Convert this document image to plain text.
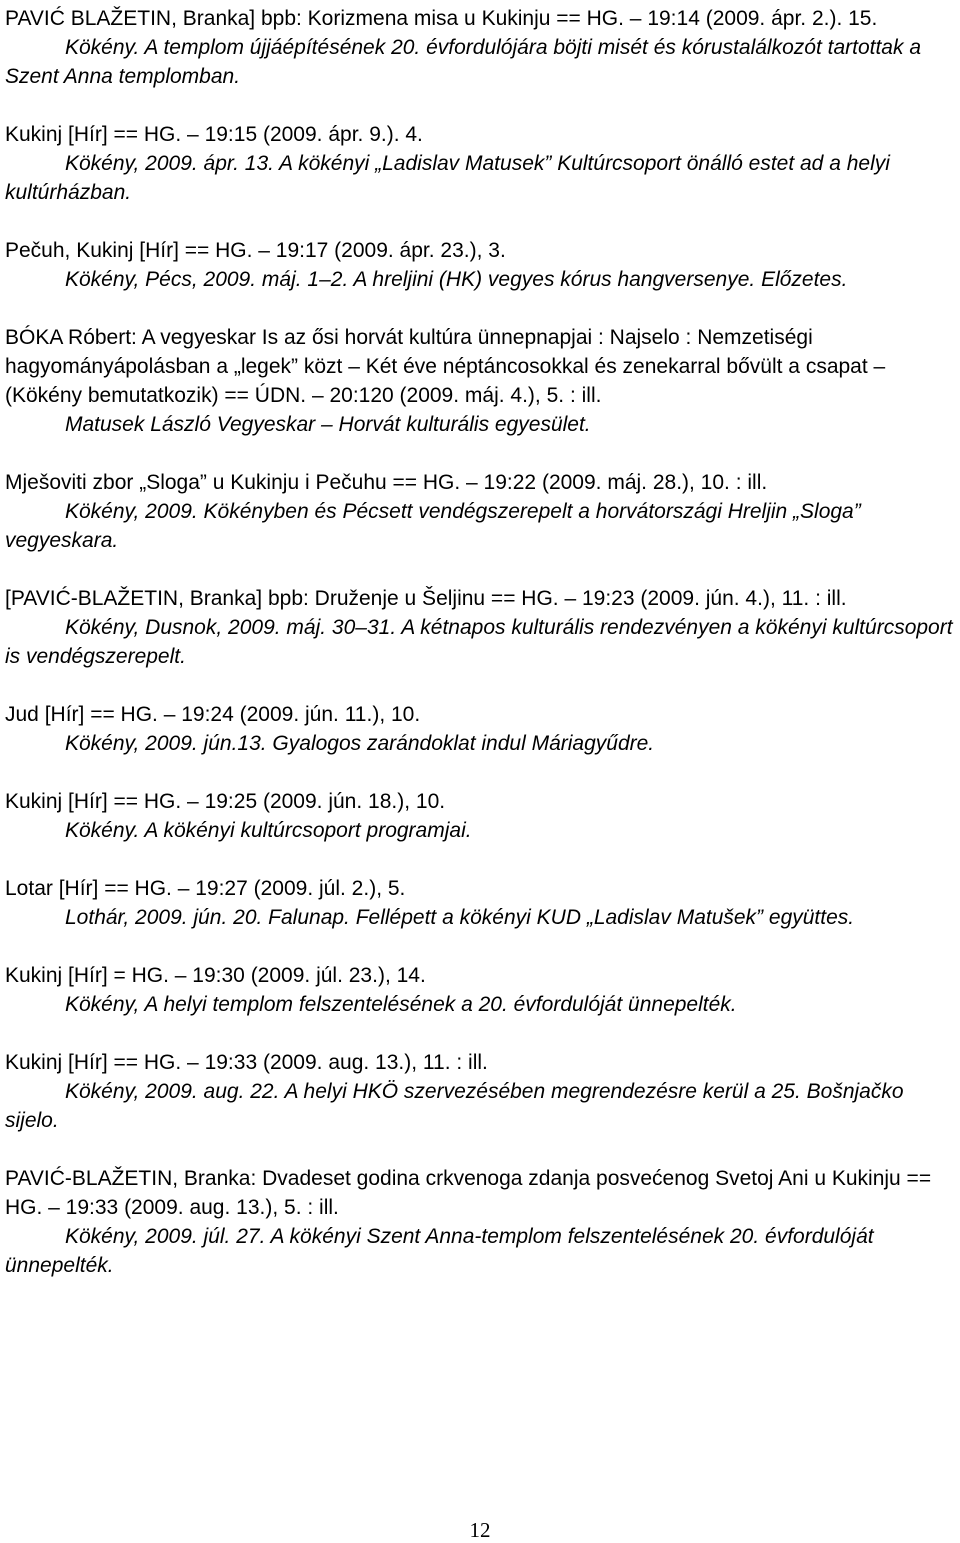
PAVIĆ BLAŽETIN, Branka] bpb: Korizmena misa u Kukinju == HG. – 19:14 (2009. ápr. 2.). 15.

Kökény. A templom újjáépítésének 20. évfordulójára böjti misét és kórustalálkozót tartottak a Szent Anna templomban.

Kukinj [Hír] == HG. – 19:15 (2009. ápr. 9.). 4.

Kökény, 2009. ápr. 13. A kökényi „Ladislav Matusek” Kultúrcsoport önálló estet ad a helyi kultúrházban.

Pečuh, Kukinj [Hír] == HG. – 19:17 (2009. ápr. 23.), 3.

Kökény, Pécs, 2009. máj. 1–2. A hreljini (HK) vegyes kórus hangversenye. Előzetes.

BÓKA Róbert: A vegyeskar Is az ősi horvát kultúra ünnepnapjai : Najselo : Nemzetiségi hagyományápolásban a „legek” közt – Két éve néptáncosokkal és zenekarral bővült a csapat – (Kökény bemutatkozik) == ÚDN. – 20:120 (2009. máj. 4.), 5. : ill.

Matusek László Vegyeskar – Horvát kulturális egyesület.

Mješoviti zbor „Sloga” u Kukinju i Pečuhu == HG. – 19:22 (2009. máj. 28.), 10. : ill.

Kökény, 2009. Kökényben és Pécsett vendégszerepelt a horvátországi Hreljin „Sloga” vegyeskara.

[PAVIĆ-BLAŽETIN, Branka] bpb: Druženje u Šeljinu == HG. – 19:23 (2009. jún. 4.), 11. : ill.

Kökény, Dusnok, 2009. máj. 30–31. A kétnapos kulturális rendezvényen a kökényi kultúrcsoport is vendégszerepelt.

Jud [Hír] == HG. – 19:24 (2009. jún. 11.), 10.

Kökény, 2009. jún.13. Gyalogos zarándoklat indul Máriagyűdre.

Kukinj [Hír] == HG. – 19:25 (2009. jún. 18.), 10.

Kökény. A kökényi kultúrcsoport programjai.

Lotar [Hír] == HG. – 19:27 (2009. júl. 2.), 5.

Lothár, 2009. jún. 20. Falunap. Fellépett a kökényi KUD „Ladislav Matušek” együttes.

Kukinj [Hír] = HG. – 19:30 (2009. júl. 23.), 14.

Kökény, A helyi templom felszentelésének a 20. évfordulóját ünnepelték.

Kukinj [Hír] == HG. – 19:33 (2009. aug. 13.), 11. : ill.

Kökény, 2009. aug. 22. A helyi HKÖ szervezésében megrendezésre kerül a 25. Bošnjačko sijelo.

PAVIĆ-BLAŽETIN, Branka: Dvadeset godina crkvenoga zdanja posvećenog Svetoj Ani u Kukinju == HG. – 19:33 (2009. aug. 13.), 5. : ill.

Kökény, 2009. júl. 27. A kökényi Szent Anna-templom felszentelésének 20. évfordulóját ünnepelték.

12
